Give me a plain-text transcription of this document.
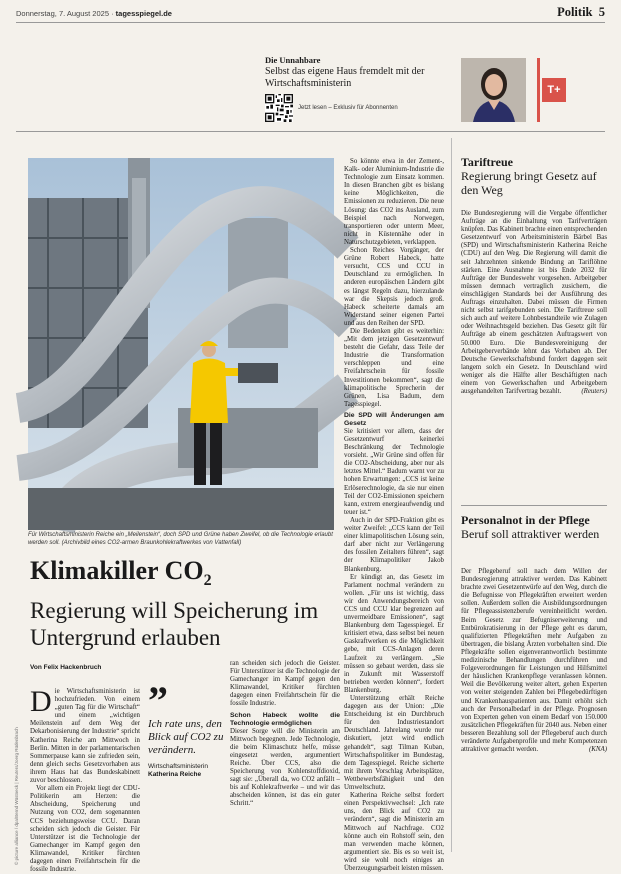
Donnerstag, 7. August 2025 · tagesspiegel.de	Politik 5
Die Unnahbare
Selbst das eigene Haus fremdelt mit der Wirtschaftsministerin
Jetzt lesen – Exklusiv für Abonnenten
T+
Für Wirtschaftsministerin Reiche ein „Meilenstein“, doch SPD und Grüne haben Zweifel, ob die Technologie erlaubt werden soll. (Archivbild eines CO2-armen Braunkohlekraftwerkes von Vattenfall)
© picture alliance / dpa/Bernd Wüstneck | Reuters/Joerg Rüdenbrach
Klimakiller $CO_2$
Regierung will Speicherung im Untergrund erlauben
Von Felix Hackenbruch

Die Wirtschaftsministerin ist hochzufrieden. Von einem „guten Tag für die Wirtschaft“ und einem „wichtigen Meilenstein auf dem Weg der Dekarbonisierung der Industrie“ spricht Katherina Reiche am Mittwoch in Berlin. Mitten in der parlamentarischen Sommerpause kann sie zufrieden sein, denn gleich sechs Gesetzvorhaben aus ihrem Haus hat das Bundeskabinett zuvor beschlossen.

Vor allem ein Projekt liegt der CDU-Politikerin am Herzen: die Abscheidung, Speicherung und Nutzung von CO2, dem sogenannten CCS beziehungsweise CCU. Daran scheiden sich jedoch die Geister. Für Unterstützer ist die Technologie der Gamechanger im Kampf gegen den Klimawandel, Kritiker fürchten dagegen einen Freifahrtschein für die fossile Industrie.

”
Ich rate uns, den Blick auf CO2 zu verändern.
Wirtschaftsministerin
Katherina Reiche

ran scheiden sich jedoch die Geister. Für Unterstützer ist die Technologie der Gamechanger im Kampf gegen den Klimawandel, Kritiker fürchten dagegen einen Freifahrtschein für die fossile Industrie.

Schon Habeck wollte die Technologie ermöglichen

Dieser Sorge will die Ministerin am Mittwoch begegnen. Jede Technologie, die beim Klimaschutz helfe, müsse eingesetzt werden, argumentiert Reiche. Über CCS, also die Speicherung von Kohlenstoffdioxid, sagt sie: „Überall da, wo CO2 anfällt – bis auf Kohlekraftwerke – und wir das abscheiden können, ist das ein guter Schritt.“

So könnte etwa in der Zement-, Kalk- oder Aluminium-Industrie die Technologie zum Einsatz kommen. In diesen Branchen gibt es bislang keine Möglichkeiten, die Emissionen zu reduzieren. Die neue Lösung: das CO2 ins Ausland, zum Beispiel nach Norwegen, transportieren oder unterm Meer, nicht in Küstennähe oder in Naturschutzgebieten, verklappen.

Schon Reiches Vorgänger, der Grüne Robert Habeck, hatte versucht, CCS und CCU in Deutschland zu ermöglichen. In anderen europäischen Ländern gibt es längst Regeln dazu, hierzulande war die Skepsis jedoch groß. Habeck scheiterte damals am Widerstand seiner eigenen Partei und aus den Reihen der SPD.

Die Bedenken gibt es weiterhin: „Mit dem jetzigen Gesetzentwurf besteht die Gefahr, dass Teile der Industrie die Transformation verschleppen und eine Freifahrtschein für fossile Investitionen bekommen“, sagt die klimapolitische Sprecherin der Grünen, Lisa Badum, dem Tagesspiegel.

Die SPD will Änderungen am Gesetz

Sie kritisiert vor allem, dass der Gesetzentwurf keinerlei Beschränkung der Technologie vorsieht. „Wir Grüne sind offen für die CO2-Abscheidung, aber nur als letztes Mittel.“ Badum warnt vor zu hohen Erwartungen: „CCS ist keine Erlöserechnologie, da sie nur einen Teil der CO2-Emissionen speichern kann, extrem energieaufwendig und teuer ist.“

Auch in der SPD-Fraktion gibt es weiter Zweifel: „CCS kann der Teil einer klimapolitischen Lösung sein, darf aber nicht zur Verlängerung des fossilen Zeitalters führen“, sagt der Klimapolitiker Jakob Blankenburg.

Er kündigt an, das Gesetz im Parlament nochmal verändern zu wollen. „Für uns ist wichtig, dass wir den Anwendungsbereich von CCS und CCU klar begrenzen auf unvermeidbare Emissionen“, sagt Blankenburg dem Tagesspiegel. Er kritisiert etwa, dass selbst bei neuen Gaskraftwerken es die Möglichkeit gebe, mit CCS-Anlagen deren Laufzeit zu verlängern. „Sie müssen so gebaut werden, dass sie in Zukunft mit Wasserstoff betrieben werden können“, fordert Blankenburg.

Unterstützung erhält Reiche dagegen aus der Union: „Die Entscheidung ist ein Durchbruch für den Industriestandort Deutschland. Jahrelang wurde nur diskutiert, jetzt wird endlich gehandelt“, sagt Tilman Kuban, Wirtschaftspolitiker im Bundestag, dem Tagesspiegel. Reiche sicherte mit ihrem Vorschlag Arbeitsplätze, Wettbewerbsfähigkeit und den Umweltschutz.

Katherina Reiche selbst fordert einen Perspektivwechsel: „Ich rate uns, den Blick auf CO2 zu verändern“, sagt die Ministerin am Mittwoch auf Nachfrage. CO2 könne auch ein Rohstoff sein, den man verwenden mache können, argumentiert sie. Bis es so weit ist, wird sie wohl noch einiges an Überzeugungsarbeit leisten müssen.

Tariftreue
Regierung bringt Gesetz auf den Weg

Die Bundesregierung will die Vergabe öffentlicher Aufträge an die Einhaltung von Tarifverträgen knüpfen. Das Kabinett brachte einen entsprechenden Gesetzentwurf von Arbeitsministerin Bärbel Bas (SPD) und Wirtschaftsministerin Katherina Reiche (CDU) auf den Weg. Die Regierung will damit die seit Jahrzehnten sinkende Bindung an Tariflöhne stärken. Eine Ausnahme ist bis Ende 2032 für Aufträge der Bundeswehr vorgesehen. Arbeitgeber müssen demnach vertraglich zusichern, die einschlägigen Standards bei der Ausführung des Auftrags einzuhalten. Dabei müssen die Firmen nicht selbst tarifgebunden sein. Die Tariftreue soll sich auch auf weitere Lohnbestandteile wie Zulagen oder Weihnachtsgeld beziehen. Das Gesetz gilt für Aufträge ab einem geschätzten Auftragswert von 50.000 Euro. Die Bundesvereinigung der Arbeitgeberverbände lehnt das Vorhaben ab. Der Deutsche Gewerkschaftsbund fordert dagegen seit langem solch ein Gesetz. In Deutschland wird weniger als die Hälfte aller Beschäftigten nach einem von Gewerkschaften und Arbeitgebern ausgehandelten Tarifvertrag bezahlt.	(Reuters)

Personalnot in der Pflege
Beruf soll attraktiver werden

Der Pflegeberuf soll nach dem Willen der Bundesregierung attraktiver werden. Das Kabinett brachte zwei Gesetzentwürfe auf den Weg, durch die die Befugnisse von Pflegekräften erweitert werden sollen. Außerdem sollen die Ausbildungsordnungen für Pflegeassistenzberufe vereinheitlicht werden. Beim Gesetz zur Befugniserweiterung und Entbürokratisierung in der Pflege geht es darum, qualifizierten Pflegekräften mehr Aufgaben zu übertragen, die bislang Ärzten vorbehalten sind. Die Pflegekräfte sollen eigenverantwortlich bestimmte medizinische Behandlungen durchführen und Folgeverordnungen für Leistungen und Hilfsmittel der häuslichen Krankenpflege veranlassen können. Weil die Bevölkerung weiter altert, gehen Experten von weiter steigenden Zahlen bei Pflegebedürftigen und Krankenhauspatienten aus. Damit erhöht sich auch der Personalbedarf in der Pflege. Prognosen von Experten gehen von einem Bedarf von 150.000 zusätzlichen Pflegekräften für 2040 aus. Neben einer besseren Bezahlung soll der Pflegeberuf auch durch veränderte Aufgabenprofile und mehr Kompetenzen attraktiver gemacht werden.	(KNA)
